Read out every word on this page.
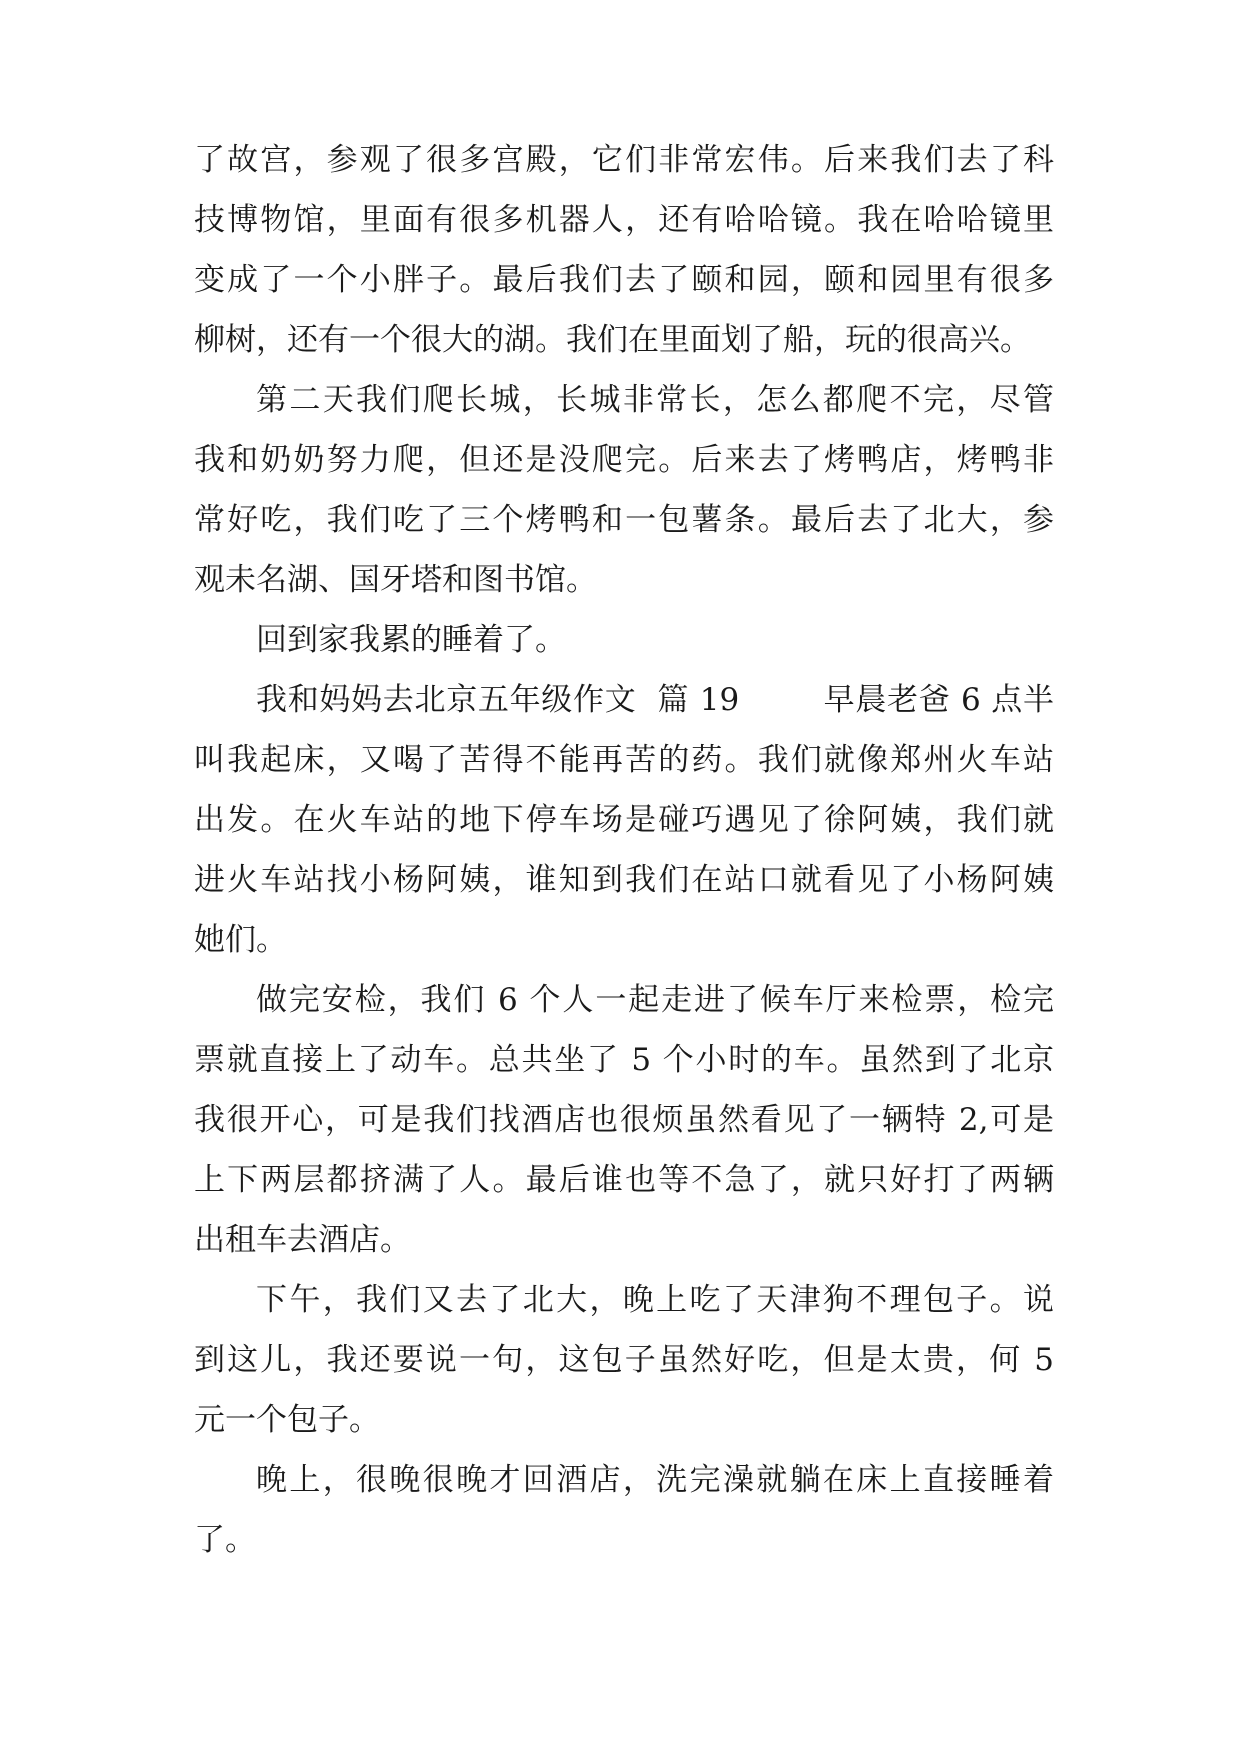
了故宫，参观了很多宫殿，它们非常宏伟。后来我们去了科
技博物馆，里面有很多机器人，还有哈哈镜。我在哈哈镜里
变成了一个小胖子。最后我们去了颐和园，颐和园里有很多
柳树，还有一个很大的湖。我们在里面划了船，玩的很高兴。
第二天我们爬长城，长城非常长，怎么都爬不完，尽管
我和奶奶努力爬，但还是没爬完。后来去了烤鸭店，烤鸭非
常好吃，我们吃了三个烤鸭和一包薯条。最后去了北大，参
观未名湖、国牙塔和图书馆。
回到家我累的睡着了。
我和妈妈去北京五年级作文  篇 19        早晨老爸 6 点半
叫我起床，又喝了苦得不能再苦的药。我们就像郑州火车站
出发。在火车站的地下停车场是碰巧遇见了徐阿姨，我们就
进火车站找小杨阿姨，谁知到我们在站口就看见了小杨阿姨
她们。
做完安检，我们 6 个人一起走进了候车厅来检票，检完
票就直接上了动车。总共坐了 5 个小时的车。虽然到了北京
我很开心，可是我们找酒店也很烦虽然看见了一辆特 2,可是
上下两层都挤满了人。最后谁也等不急了，就只好打了两辆
出租车去酒店。
下午，我们又去了北大，晚上吃了天津狗不理包子。说
到这儿，我还要说一句，这包子虽然好吃，但是太贵，何 5
元一个包子。
晚上，很晚很晚才回酒店，洗完澡就躺在床上直接睡着
了。
